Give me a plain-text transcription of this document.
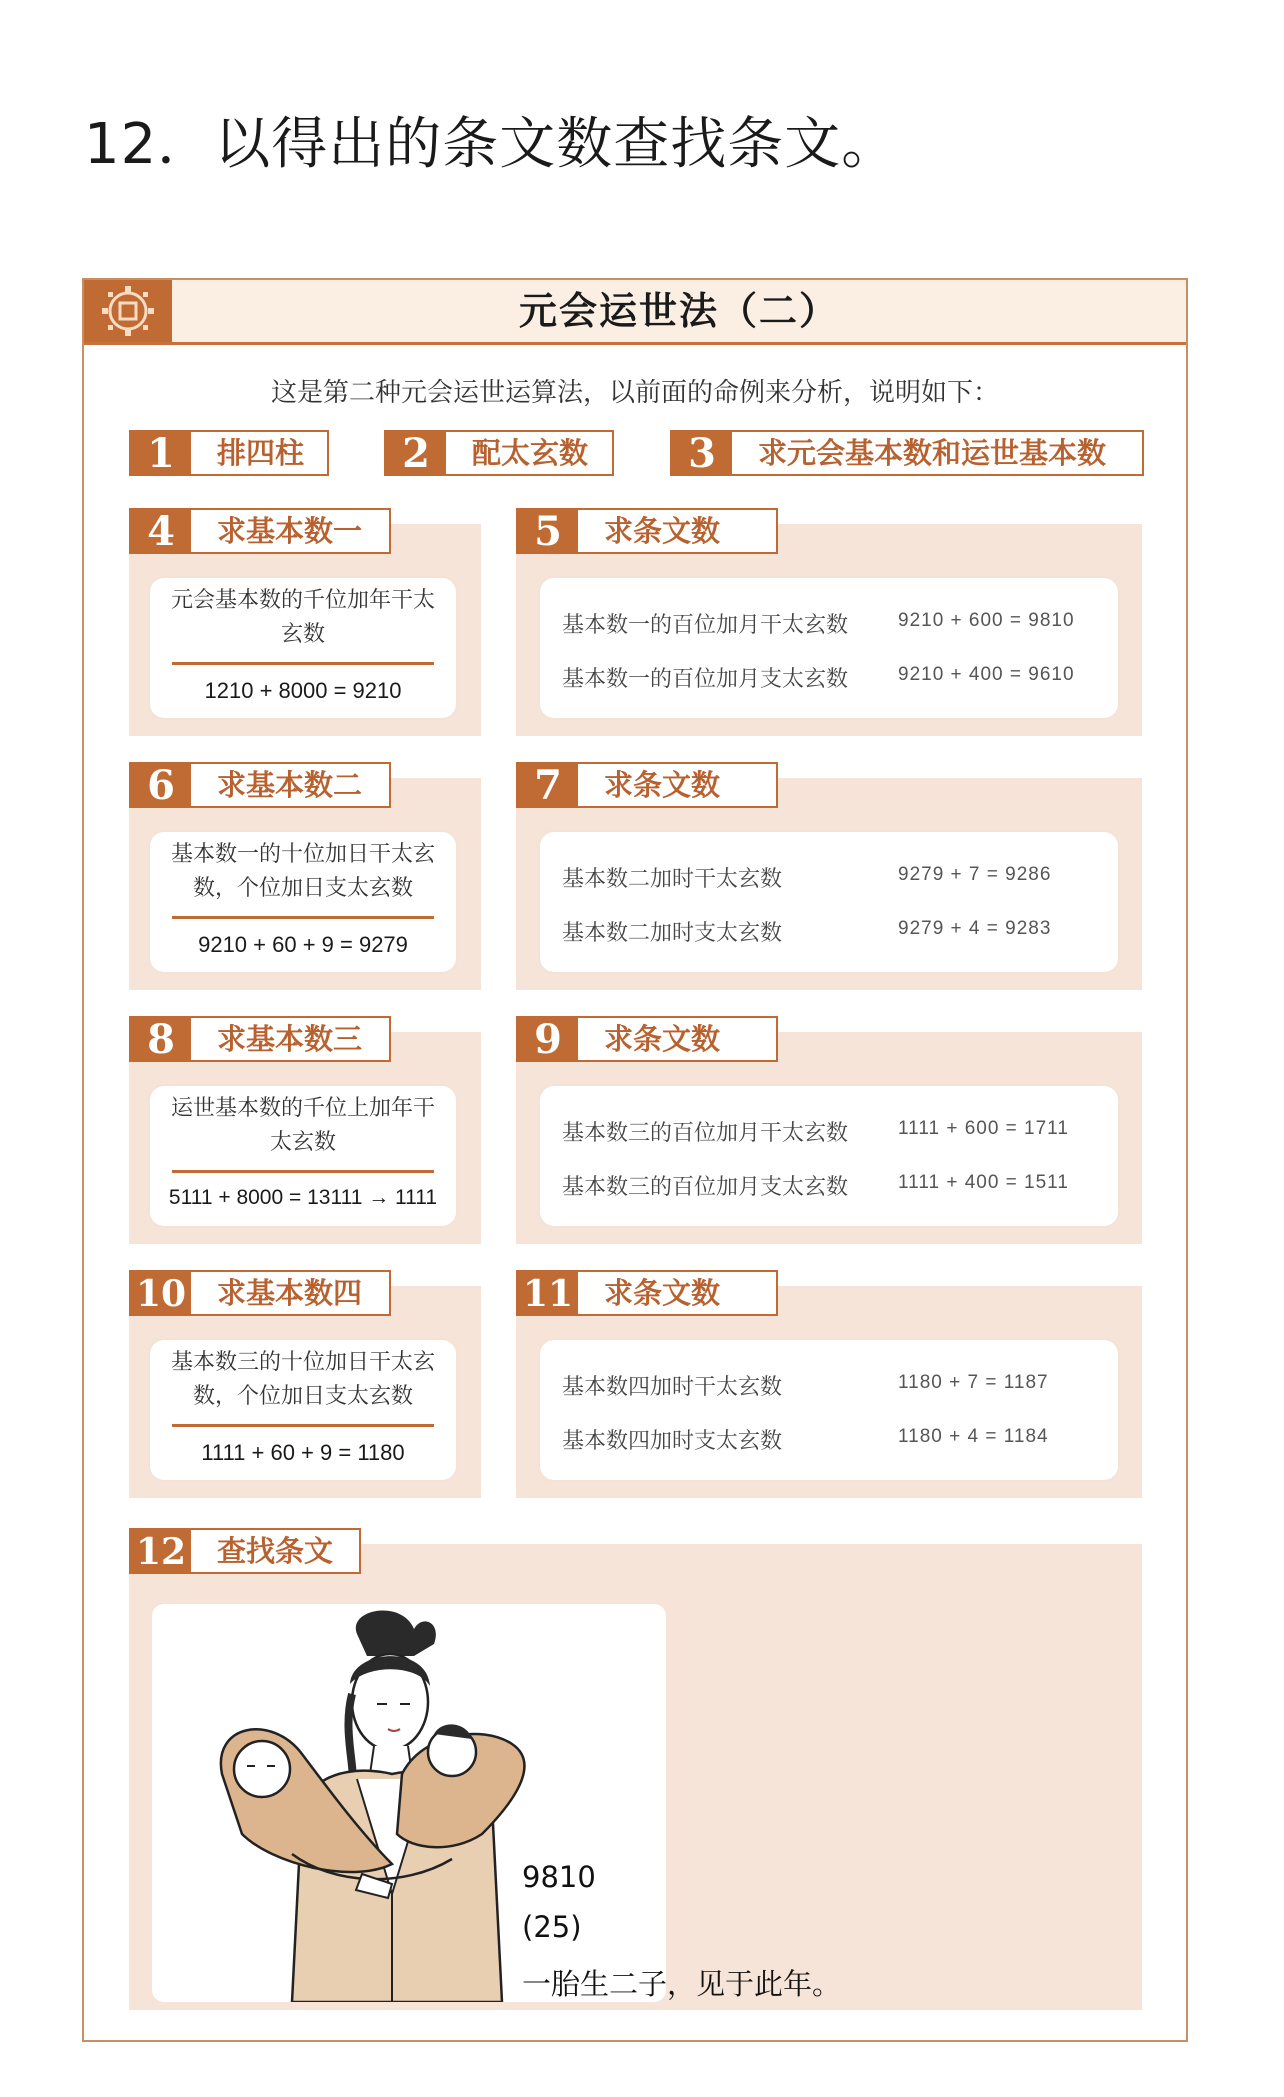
12．以得出的条文数查找条文。
元会运世法（二）
这是第二种元会运世运算法，以前面的命例来分析，说明如下：
1	排四柱	2	配太玄数	3	求元会基本数和运世基本数
4	求基本数一
元会基本数的千位加年干太玄数
1210 + 8000 = 9210
5	求条文数
基本数一的百位加月干太玄数	9210 + 600 = 9810
基本数一的百位加月支太玄数	9210 + 400 = 9610
6	求基本数二
基本数一的十位加日干太玄数，个位加日支太玄数
9210 + 60 + 9 = 9279
7	求条文数
基本数二加时干太玄数	9279 + 7 = 9286
基本数二加时支太玄数	9279 + 4 = 9283
8	求基本数三
运世基本数的千位上加年干太玄数
5111 + 8000 = 13111 → 1111
9	求条文数
基本数三的百位加月干太玄数	1111 + 600 = 1711
基本数三的百位加月支太玄数	1111 + 400 = 1511
10 求基本数四
基本数三的十位加日干太玄数，个位加日支太玄数
1111 + 60 + 9 = 1180
11 求条文数
基本数四加时干太玄数	1180 + 7 = 1187
基本数四加时支太玄数	1180 + 4 = 1184
12 查找条文
9810
(25)
一胎生二子，见于此年。
